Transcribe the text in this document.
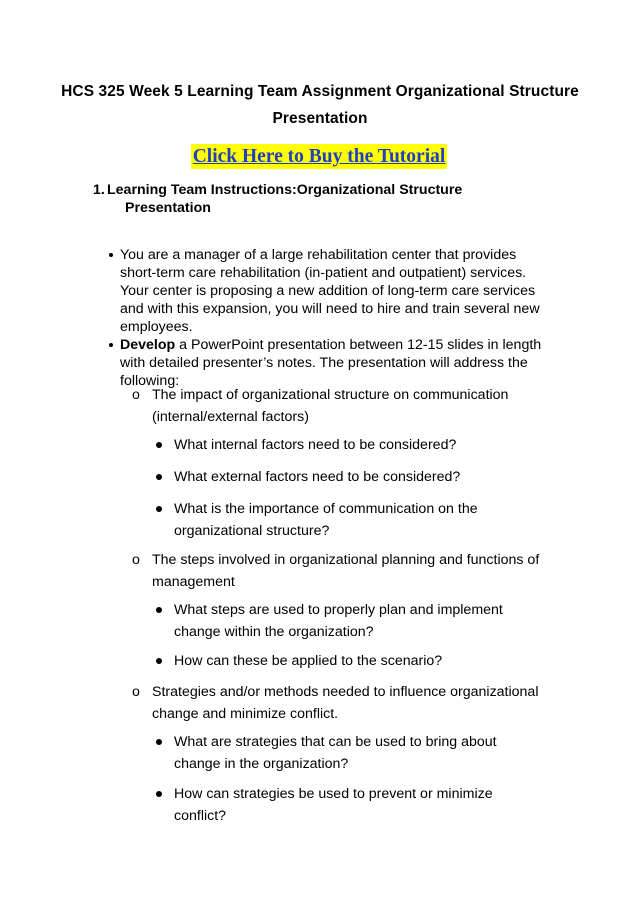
HCS 325 Week 5 Learning Team Assignment Organizational Structure Presentation
Click Here to Buy the Tutorial
1. Learning Team Instructions:Organizational Structure Presentation
You are a manager of a large rehabilitation center that provides short-term care rehabilitation (in-patient and outpatient) services. Your center is proposing a new addition of long-term care services and with this expansion, you will need to hire and train several new employees.
Develop a PowerPoint presentation between 12-15 slides in length with detailed presenter’s notes. The presentation will address the following:
o The impact of organizational structure on communication (internal/external factors)
What internal factors need to be considered?
What external factors need to be considered?
What is the importance of communication on the organizational structure?
o The steps involved in organizational planning and functions of management
What steps are used to properly plan and implement change within the organization?
How can these be applied to the scenario?
o Strategies and/or methods needed to influence organizational change and minimize conflict.
What are strategies that can be used to bring about change in the organization?
How can strategies be used to prevent or minimize conflict?
